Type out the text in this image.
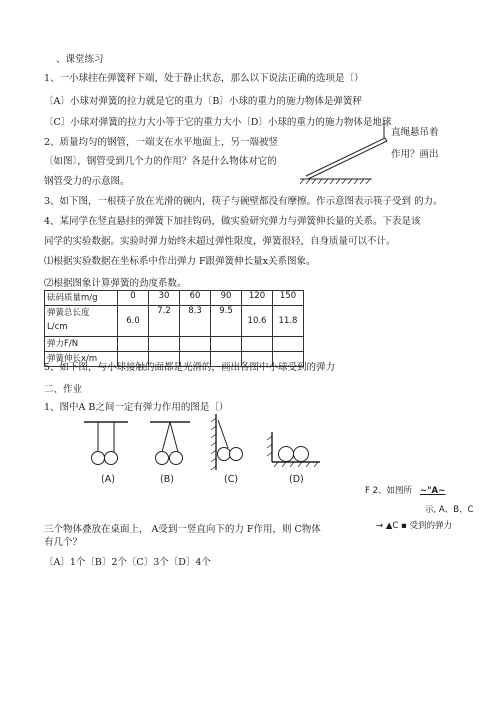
、课堂练习
1、一小球挂在弹簧秤下端，处于静止状态，那么以下说法正确的选项是〔）
〔A〕小球对弹簧的拉力就是它的重力〔B〕小球的重力的施力物体是弹簧秤
〔C〕小球对弹簧的拉力大小等于它的重力大小〔D〕小球的重力的施力物体是地球
2、质量均匀的钢管，一端支在水平地面上，另一端被竖
直绳悬吊着
〔如图〕，钢管受到几个力的作用？各是什么物体对它的
作用？画出
钢管受力的示意图。
3、如下图，一根筷子放在光滑的碗内，筷子与碗壁都没有摩擦。作示意图表示筷子受到 的力。
4、某同学在竖直悬挂的弹簧下加挂钩码，做实验研究弹力与弹簧伸长量的关系。下表是该
同学的实验数据。实验时弹力始终未超过弹性限度，弹簧很轻，自身质量可以不计。
⑴根据实验数据在坐标系中作出弹力 F跟弹簧伸长量x关系图象。
⑵根据图象计算弹簧的劲度系数。
砝码质量m/g	0	30	60	90	120	150

弹簧总长度
L/cm	6.0	7.2	8.3	9.5	10.6	11.8
弹力F/N						
弹簧伸长x/m						
5、如下图，与小球接触的面都是光滑的，画出各图中小球受到的弹力
二、作业
1、图中A B之间一定有弹力作用的图是〔）
(A)	(B)	(C)	(D)
F 2、如图所 ~"A~
示, A、B、C
三个物体叠放在桌面上， A受到一竖直向下的力 F作用，则 C物体	→ ▲C ▪ 受到的弹力
有几个？
〔A〕1个〔B〕2个〔C〕3个〔D〕4个
